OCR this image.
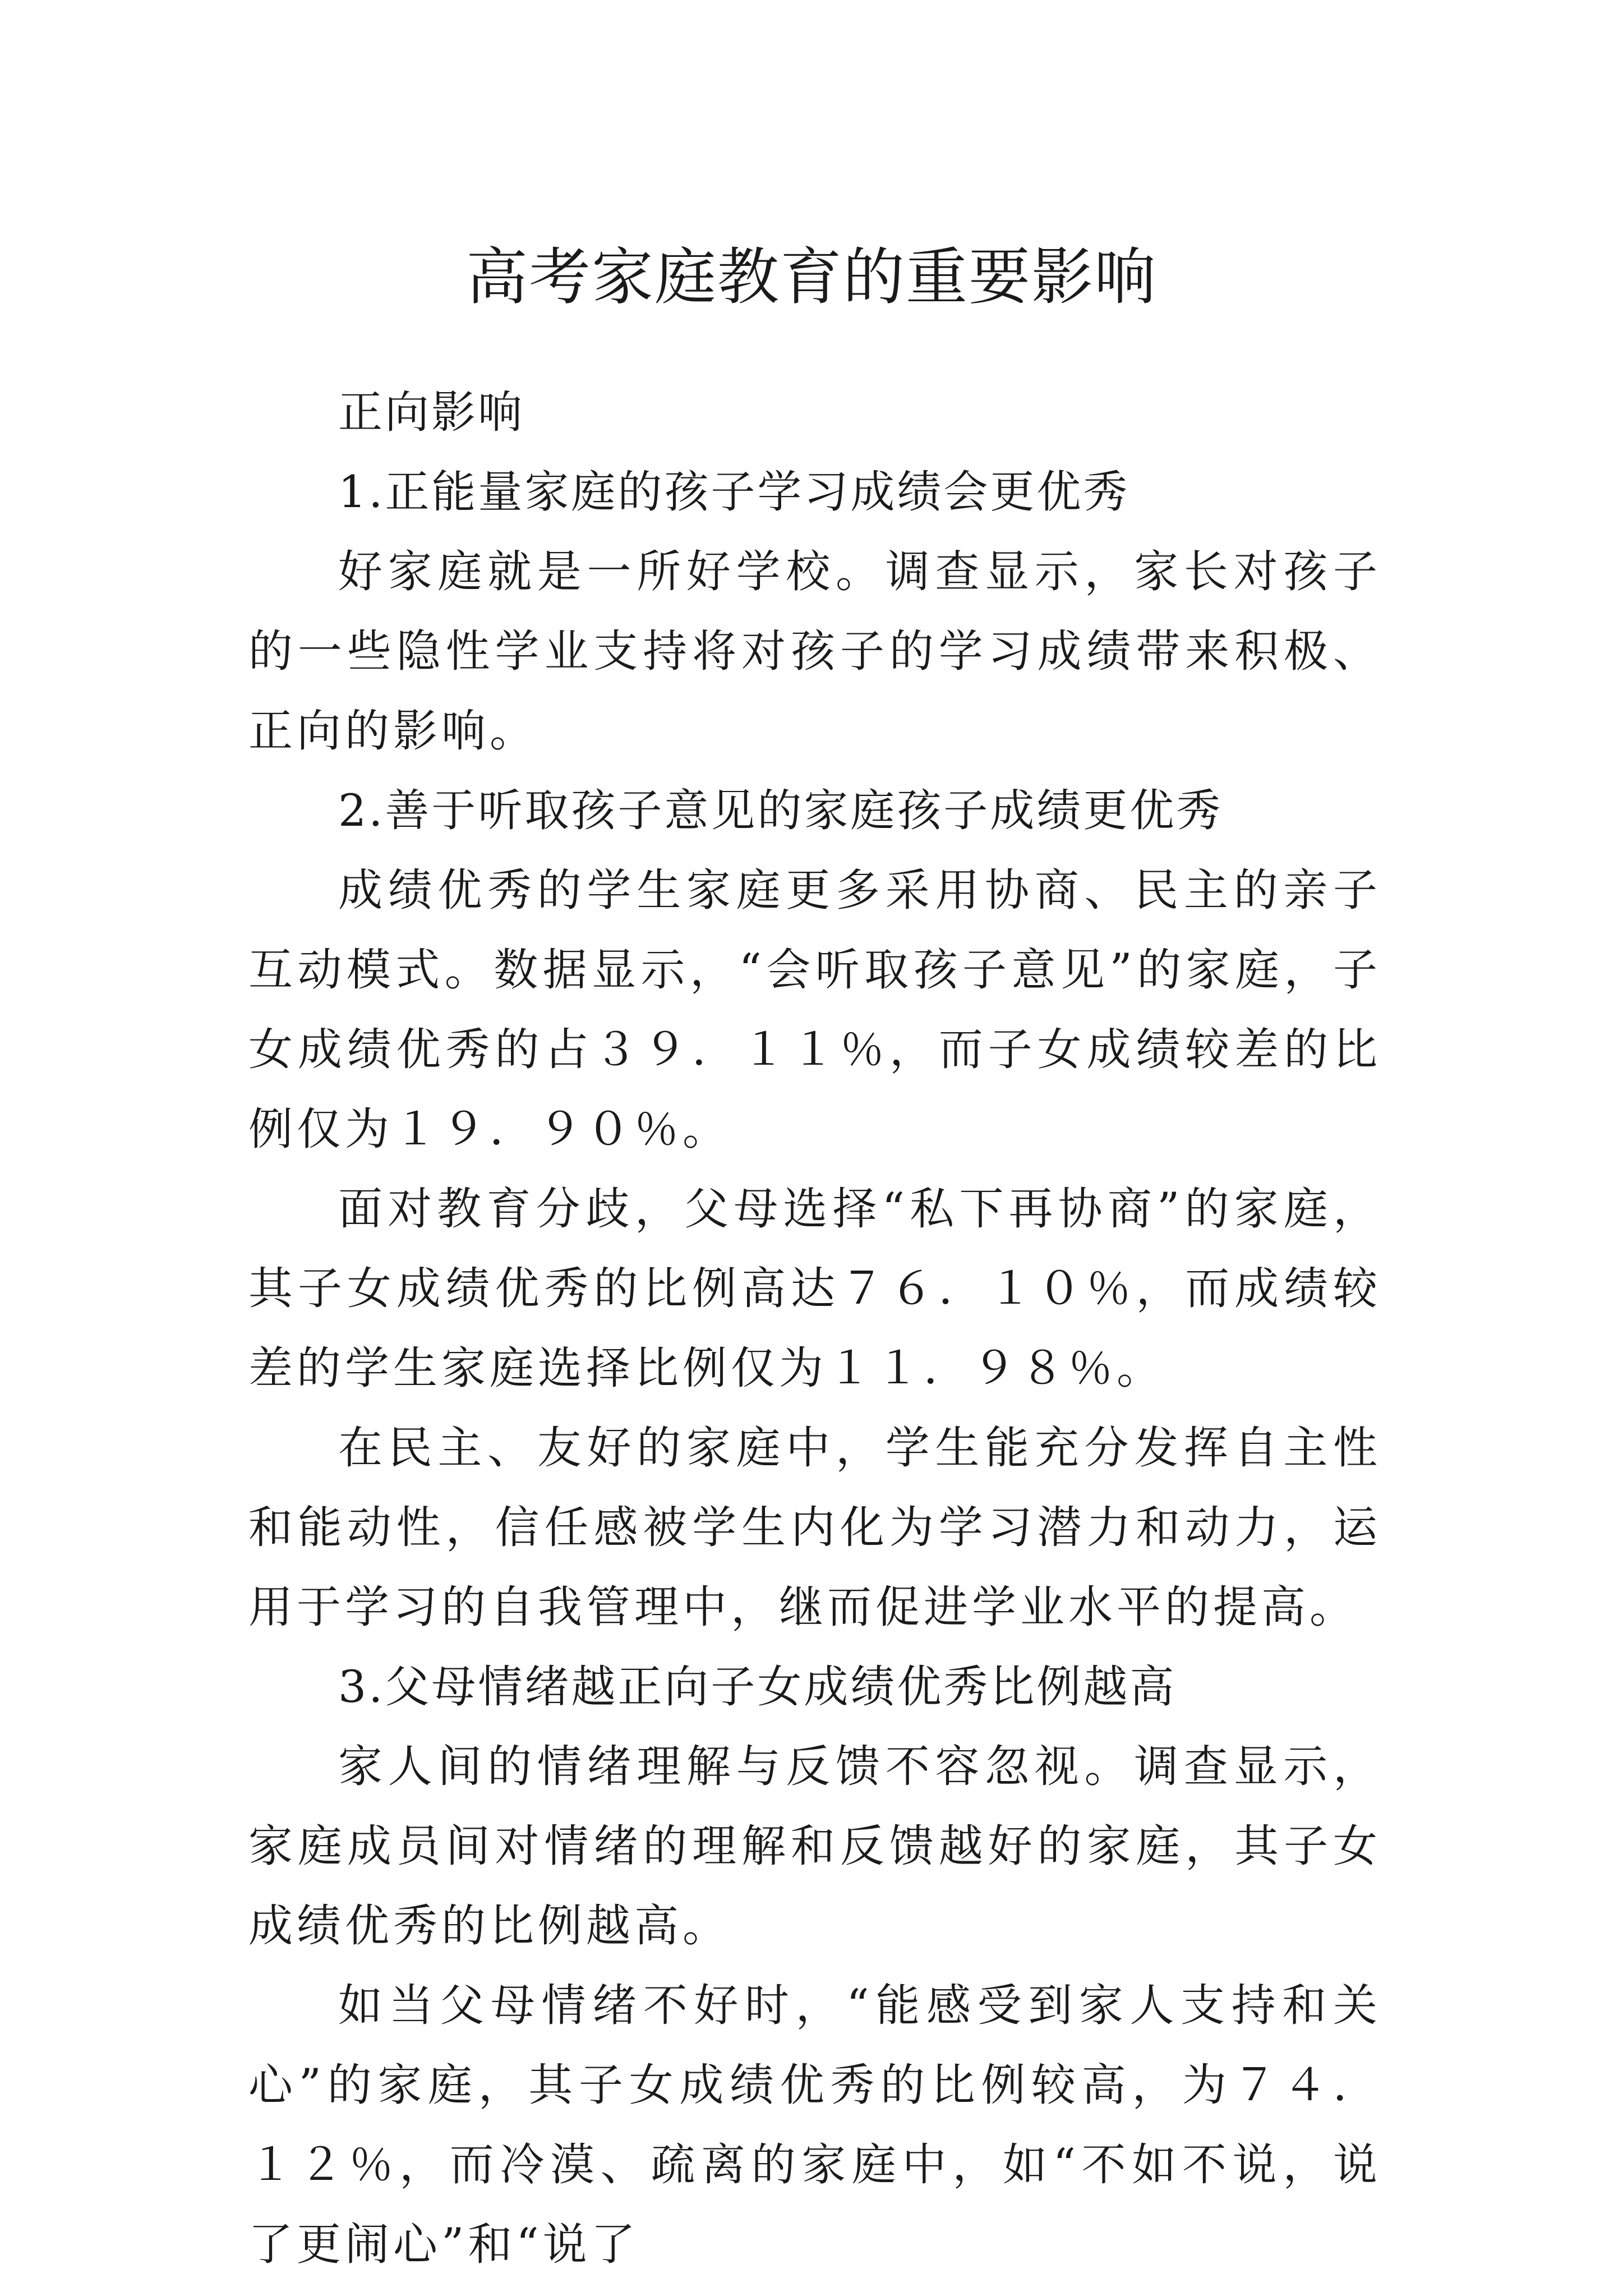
高考家庭教育的重要影响

正向影响

1.正能量家庭的孩子学习成绩会更优秀

好家庭就是一所好学校。调查显示，家长对孩子的一些隐性学业支持将对孩子的学习成绩带来积极、正向的影响。

2.善于听取孩子意见的家庭孩子成绩更优秀

成绩优秀的学生家庭更多采用协商、民主的亲子互动模式。数据显示，“会听取孩子意见”的家庭，子女成绩优秀的占３９．１１％，而子女成绩较差的比例仅为１９．９０％。

面对教育分歧，父母选择“私下再协商”的家庭，其子女成绩优秀的比例高达７６．１０％，而成绩较差的学生家庭选择比例仅为１１．９８％。

在民主、友好的家庭中，学生能充分发挥自主性和能动性，信任感被学生内化为学习潜力和动力，运用于学习的自我管理中，继而促进学业水平的提高。

3.父母情绪越正向子女成绩优秀比例越高

家人间的情绪理解与反馈不容忽视。调查显示，家庭成员间对情绪的理解和反馈越好的家庭，其子女成绩优秀的比例越高。

如当父母情绪不好时，“能感受到家人支持和关心”的家庭，其子女成绩优秀的比例较高，为７４．１２％，而冷漠、疏离的家庭中，如“不如不说，说了更闹心”和“说了
